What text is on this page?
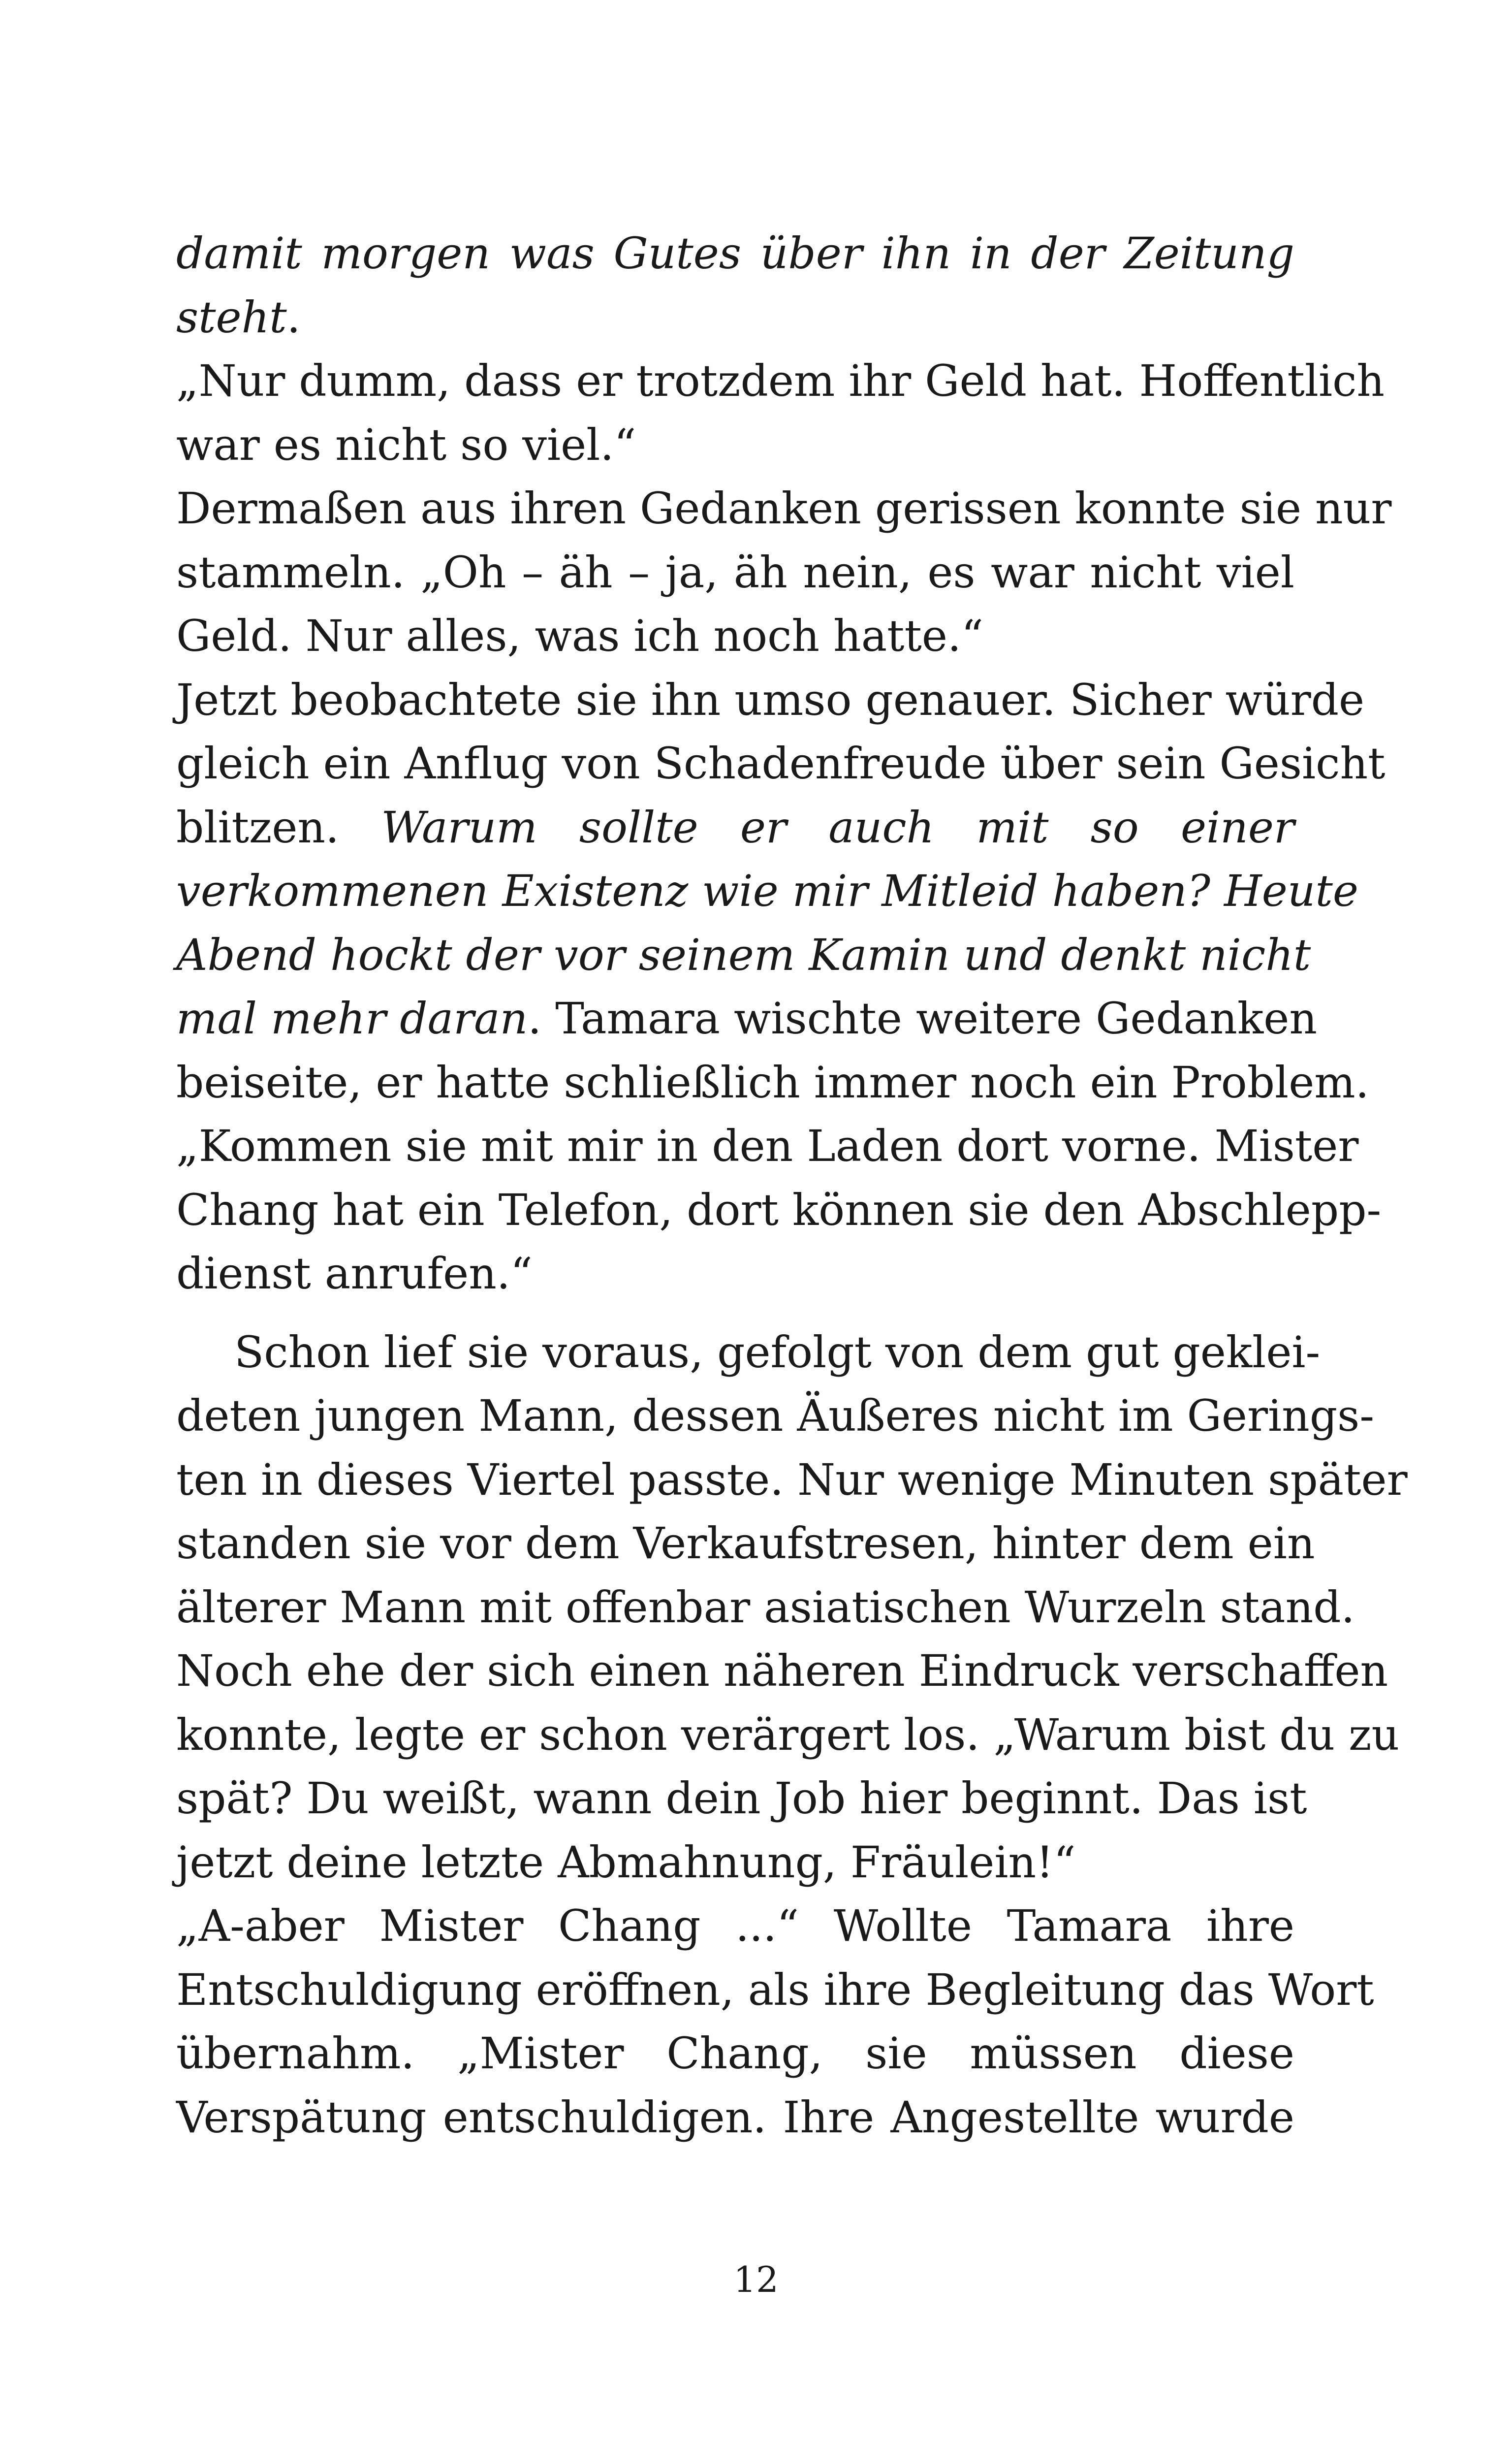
damit morgen was Gutes über ihn in der Zeitung
steht.
„Nur dumm, dass er trotzdem ihr Geld hat. Hoffentlich
war es nicht so viel.“
Dermaßen aus ihren Gedanken gerissen konnte sie nur
stammeln. „Oh – äh – ja, äh nein, es war nicht viel
Geld. Nur alles, was ich noch hatte.“
Jetzt beobachtete sie ihn umso genauer. Sicher würde
gleich ein Anflug von Schadenfreude über sein Gesicht
blitzen. Warum sollte er auch mit so einer
verkommenen Existenz wie mir Mitleid haben? Heute
Abend hockt der vor seinem Kamin und denkt nicht
mal mehr daran. Tamara wischte weitere Gedanken
beiseite, er hatte schließlich immer noch ein Problem.
„Kommen sie mit mir in den Laden dort vorne. Mister
Chang hat ein Telefon, dort können sie den Abschlepp-
dienst anrufen.“
Schon lief sie voraus, gefolgt von dem gut geklei-
deten jungen Mann, dessen Äußeres nicht im Gerings-
ten in dieses Viertel passte. Nur wenige Minuten später
standen sie vor dem Verkaufstresen, hinter dem ein
älterer Mann mit offenbar asiatischen Wurzeln stand.
Noch ehe der sich einen näheren Eindruck verschaffen
konnte, legte er schon verärgert los. „Warum bist du zu
spät? Du weißt, wann dein Job hier beginnt. Das ist
jetzt deine letzte Abmahnung, Fräulein!“
„A-aber Mister Chang ...“ Wollte Tamara ihre
Entschuldigung eröffnen, als ihre Begleitung das Wort
übernahm. „Mister Chang, sie müssen diese
Verspätung entschuldigen. Ihre Angestellte wurde
12
